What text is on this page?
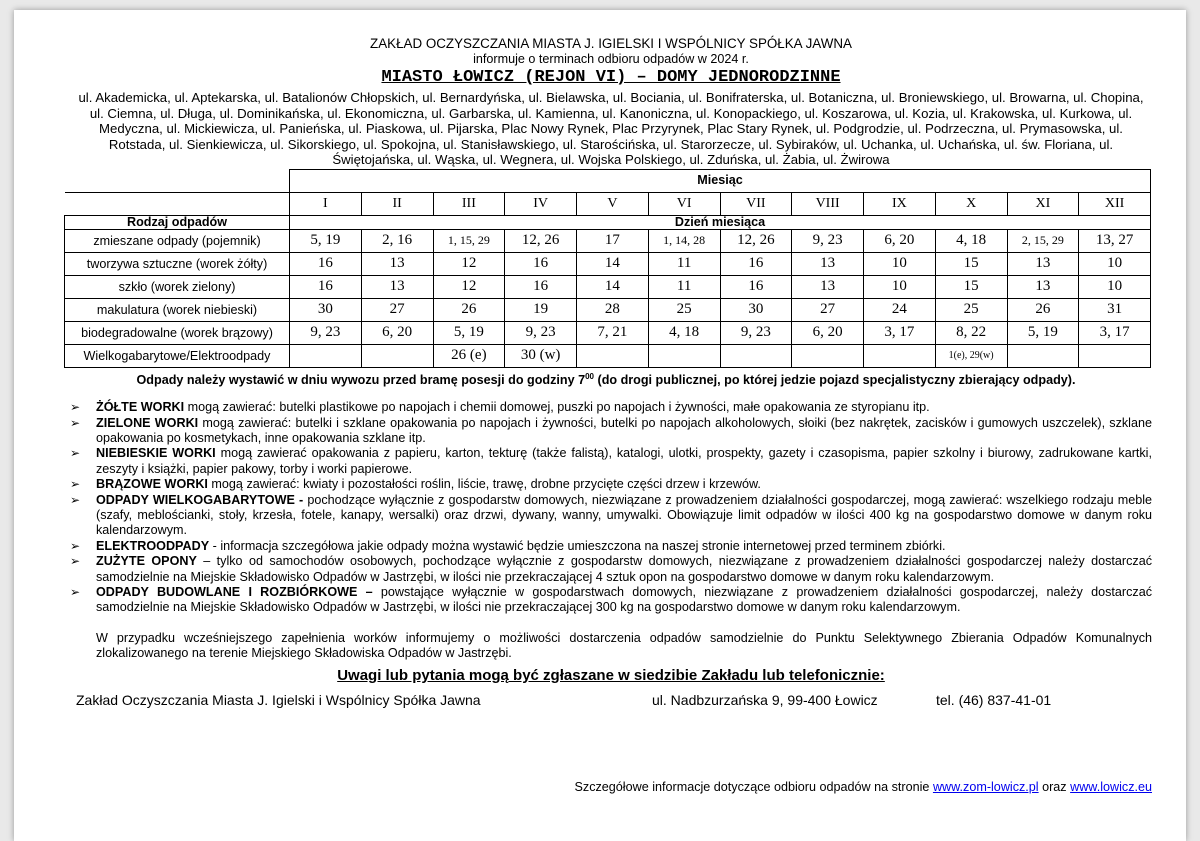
ZAKŁAD OCZYSZCZANIA MIASTA J. IGIELSKI I WSPÓLNICY SPÓŁKA JAWNA
informuje o terminach odbioru odpadów w 2024 r.
MIASTO ŁOWICZ (REJON VI) – DOMY JEDNORODZINNE
ul. Akademicka, ul. Aptekarska, ul. Batalionów Chłopskich, ul. Bernardyńska, ul. Bielawska, ul. Bociania, ul. Bonifraterska, ul. Botaniczna, ul. Broniewskiego, ul. Browarna, ul. Chopina, ul. Ciemna, ul. Długa, ul. Dominikańska, ul. Ekonomiczna, ul. Garbarska, ul. Kamienna, ul. Kanoniczna, ul. Konopackiego, ul. Koszarowa, ul. Kozia, ul. Krakowska, ul. Kurkowa, ul. Medyczna, ul. Mickiewicza, ul. Panieńska, ul. Piaskowa, ul. Pijarska, Plac Nowy Rynek, Plac Przyrynek, Plac Stary Rynek, ul. Podgrodzie, ul. Podrzeczna, ul. Prymasowska, ul. Rotstada, ul. Sienkiewicza, ul. Sikorskiego, ul. Spokojna, ul. Stanisławskiego, ul. Starościńska, ul. Starorzecze, ul. Sybiraków, ul. Uchanka, ul. Uchańska, ul. św. Floriana, ul. Świętojańska, ul. Wąska, ul. Wegnera, ul. Wojska Polskiego, ul. Zduńska, ul. Żabia, ul. Żwirowa
	Miesiąc											
	I	II	III	IV	V	VI	VII	VIII	IX	X	XI	XII
Rodzaj odpadów	Dzień miesiąca											
zmieszane odpady (pojemnik)	5, 19	2, 16	1, 15, 29	12, 26	17	1, 14, 28	12, 26	9, 23	6, 20	4, 18	2, 15, 29	13, 27
tworzywa sztuczne (worek żółty)	16	13	12	16	14	11	16	13	10	15	13	10
szkło (worek zielony)	16	13	12	16	14	11	16	13	10	15	13	10
makulatura (worek niebieski)	30	27	26	19	28	25	30	27	24	25	26	31
biodegradowalne (worek brązowy)	9, 23	6, 20	5, 19	9, 23	7, 21	4, 18	9, 23	6, 20	3, 17	8, 22	5, 19	3, 17
Wielkogabarytowe/Elektroodpady			26 (e)	30 (w)						1(e), 29(w)		
Odpady należy wystawić w dniu wywozu przed bramę posesji do godziny $7^{00}$ (do drogi publicznej, po której jedzie pojazd specjalistyczny zbierający odpady).
➢ ŻÓŁTE WORKI mogą zawierać: butelki plastikowe po napojach i chemii domowej, puszki po napojach i żywności, małe opakowania ze styropianu itp.
➢ ZIELONE WORKI mogą zawierać: butelki i szklane opakowania po napojach i żywności, butelki po napojach alkoholowych, słoiki (bez nakrętek, zacisków i gumowych uszczelek), szklane opakowania po kosmetykach, inne opakowania szklane itp.
➢ NIEBIESKIE WORKI mogą zawierać opakowania z papieru, karton, tekturę (także falistą), katalogi, ulotki, prospekty, gazety i czasopisma, papier szkolny i biurowy, zadrukowane kartki, zeszyty i książki, papier pakowy, torby i worki papierowe.
➢ BRĄZOWE WORKI mogą zawierać: kwiaty i pozostałości roślin, liście, trawę, drobne przycięte części drzew i krzewów.
➢ ODPADY WIELKOGABARYTOWE - pochodzące wyłącznie z gospodarstw domowych, niezwiązane z prowadzeniem działalności gospodarczej, mogą zawierać: wszelkiego rodzaju meble (szafy, meblościanki, stoły, krzesła, fotele, kanapy, wersalki) oraz drzwi, dywany, wanny, umywalki. Obowiązuje limit odpadów w ilości 400 kg na gospodarstwo domowe w danym roku kalendarzowym.
➢ ELEKTROODPADY - informacja szczegółowa jakie odpady można wystawić będzie umieszczona na naszej stronie internetowej przed terminem zbiórki.
➢ ZUŻYTE OPONY – tylko od samochodów osobowych, pochodzące wyłącznie z gospodarstw domowych, niezwiązane z prowadzeniem działalności gospodarczej należy dostarczać samodzielnie na Miejskie Składowisko Odpadów w Jastrzębi, w ilości nie przekraczającej 4 sztuk opon na gospodarstwo domowe w danym roku kalendarzowym.
➢ ODPADY BUDOWLANE I ROZBIÓRKOWE – powstające wyłącznie w gospodarstwach domowych, niezwiązane z prowadzeniem działalności gospodarczej, należy dostarczać samodzielnie na Miejskie Składowisko Odpadów w Jastrzębi, w ilości nie przekraczającej 300 kg na gospodarstwo domowe w danym roku kalendarzowym.
W przypadku wcześniejszego zapełnienia worków informujemy o możliwości dostarczenia odpadów samodzielnie do Punktu Selektywnego Zbierania Odpadów Komunalnych zlokalizowanego na terenie Miejskiego Składowiska Odpadów w Jastrzębi.
Uwagi lub pytania mogą być zgłaszane w siedzibie Zakładu lub telefonicznie:
Zakład Oczyszczania Miasta J. Igielski i Wspólnicy Spółka Jawna	ul. Nadbzurzańska 9, 99-400 Łowicz	tel. (46) 837-41-01
Szczegółowe informacje dotyczące odbioru odpadów na stronie www.zom-lowicz.pl oraz www.lowicz.eu
